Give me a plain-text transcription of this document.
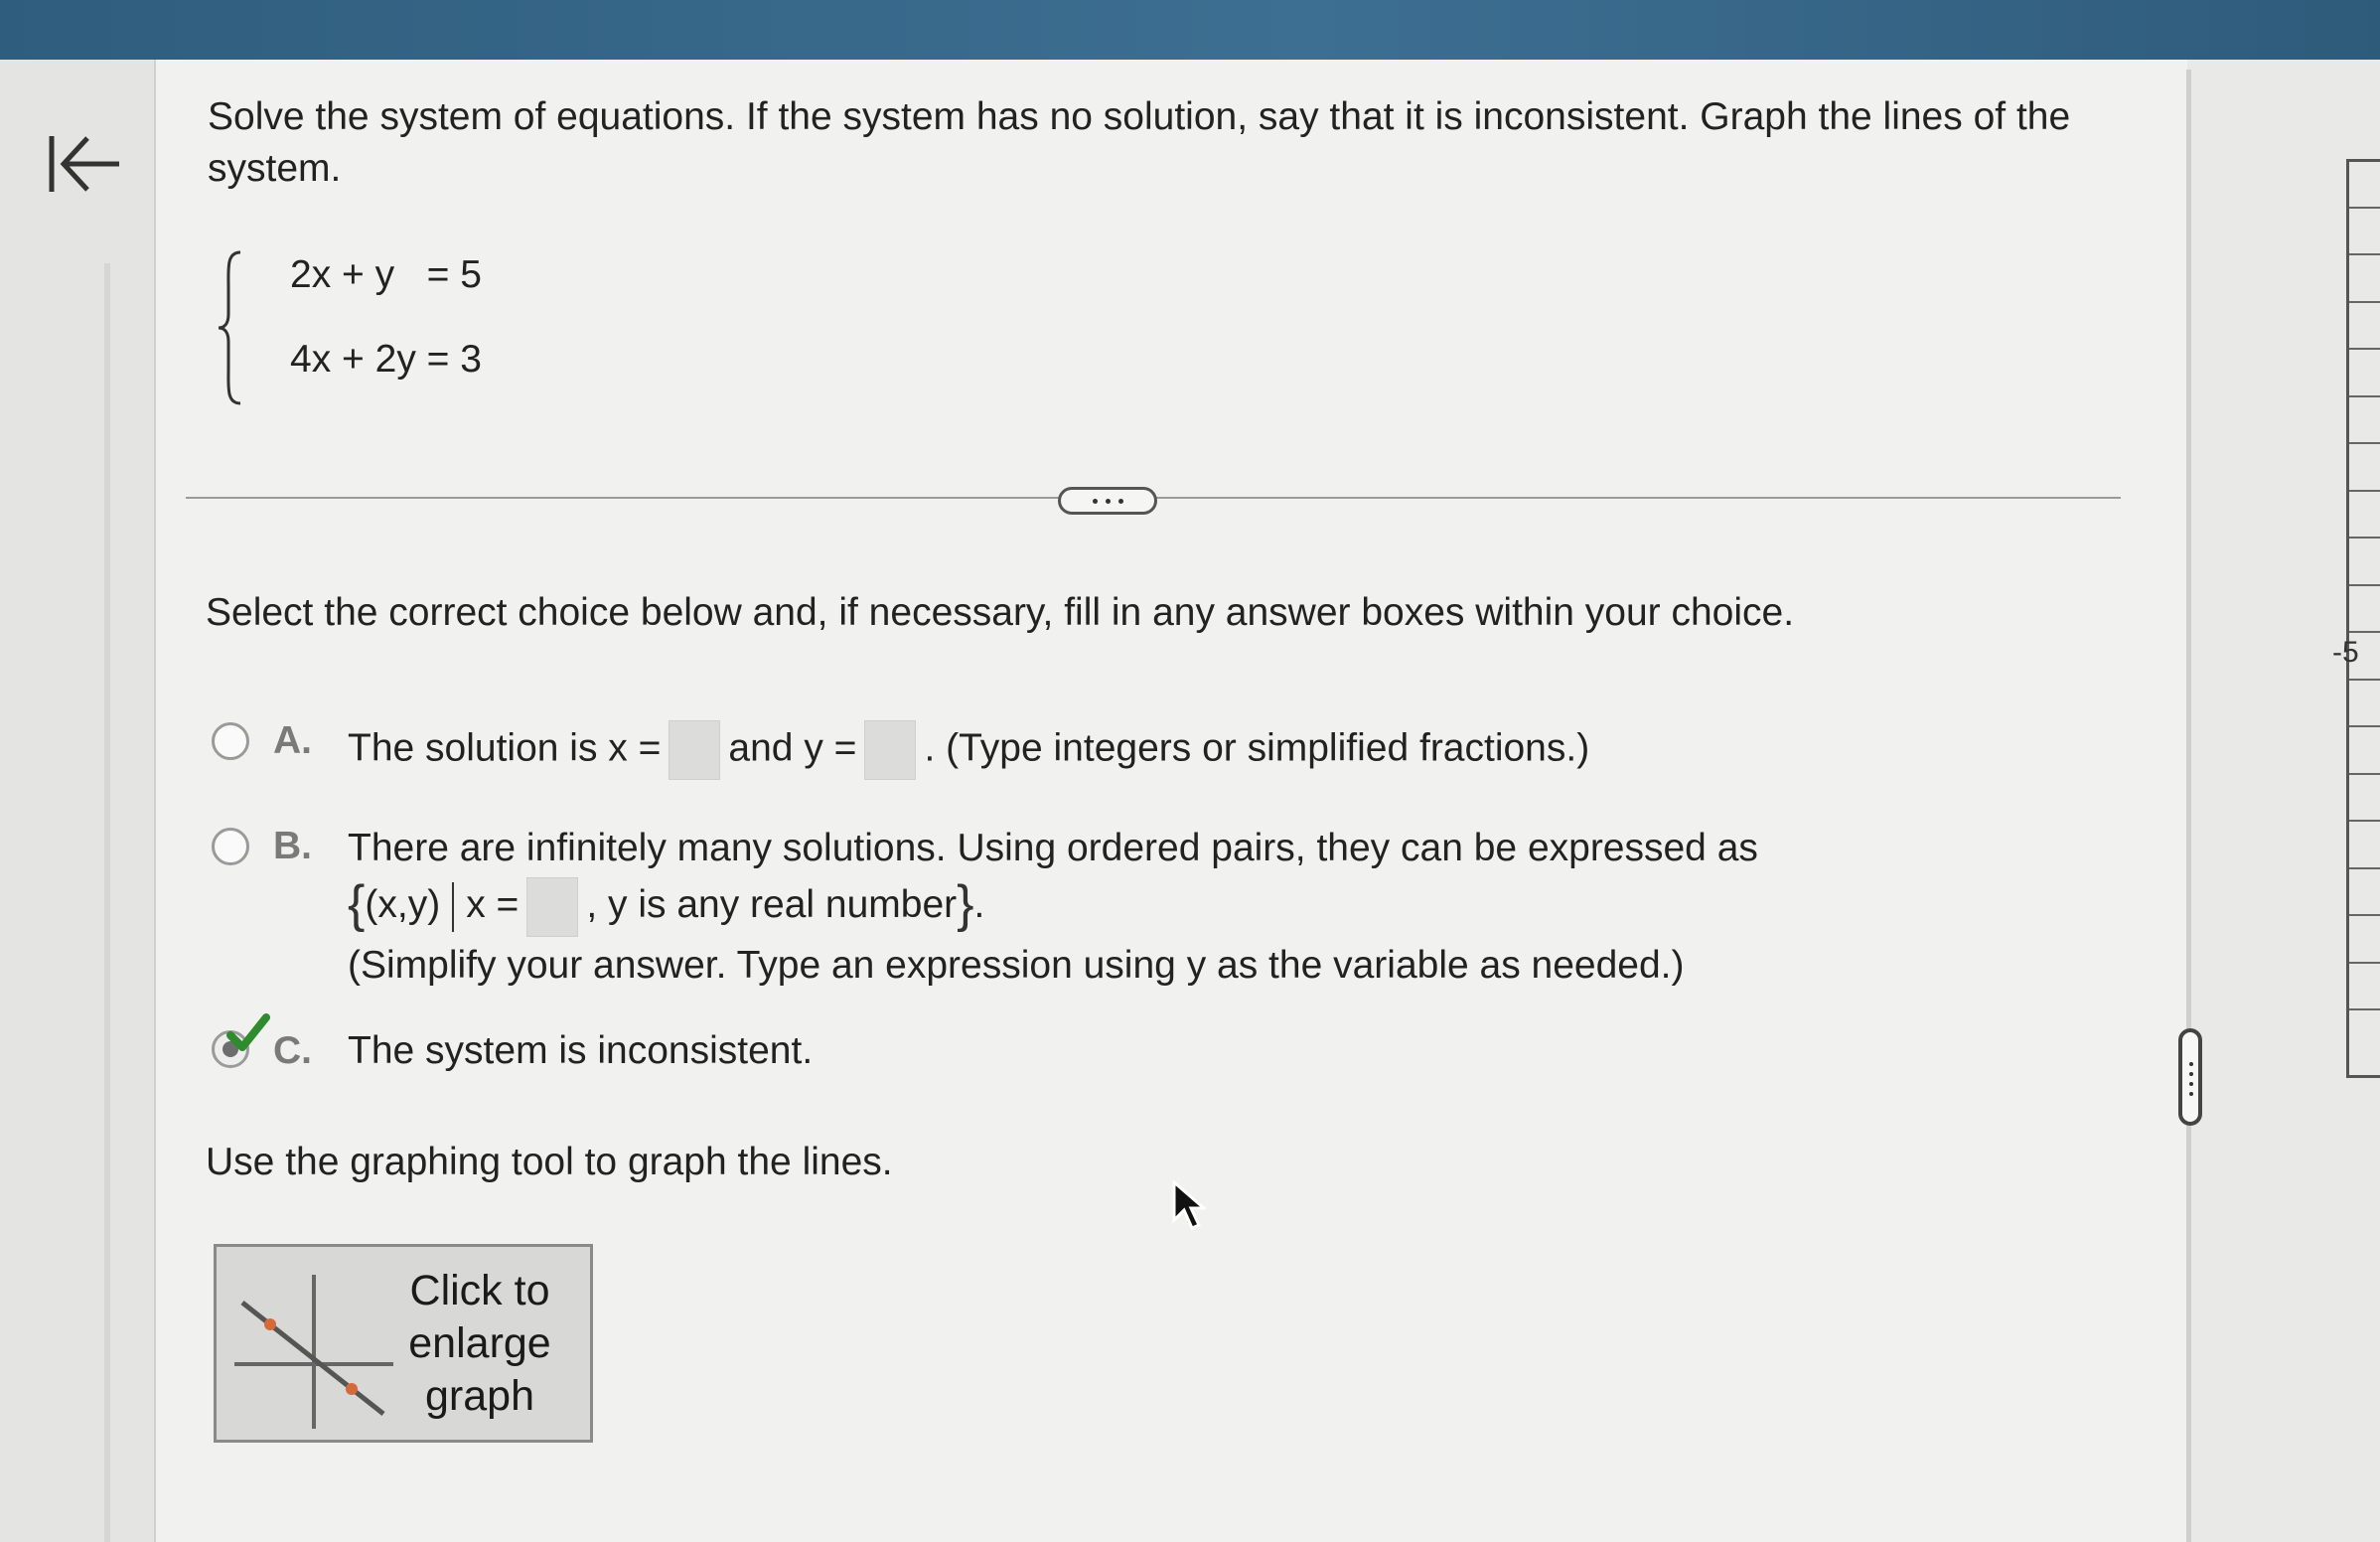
-5

Solve the system of equations. If the system has no solution, say that it is inconsistent. Graph the lines of the system.

2x + y   = 5
4x + 2y = 3
Select the correct choice below and, if necessary, fill in any answer boxes within your choice.
A. The solution is x = and y = . (Type integers or simplified fractions.)
B. There are infinitely many solutions. Using ordered pairs, they can be expressed as
{(x,y) x = , y is any real number}.
(Simplify your answer. Type an expression using y as the variable as needed.)
C. The system is inconsistent.
Use the graphing tool to graph the lines.
Click to enlarge graph
